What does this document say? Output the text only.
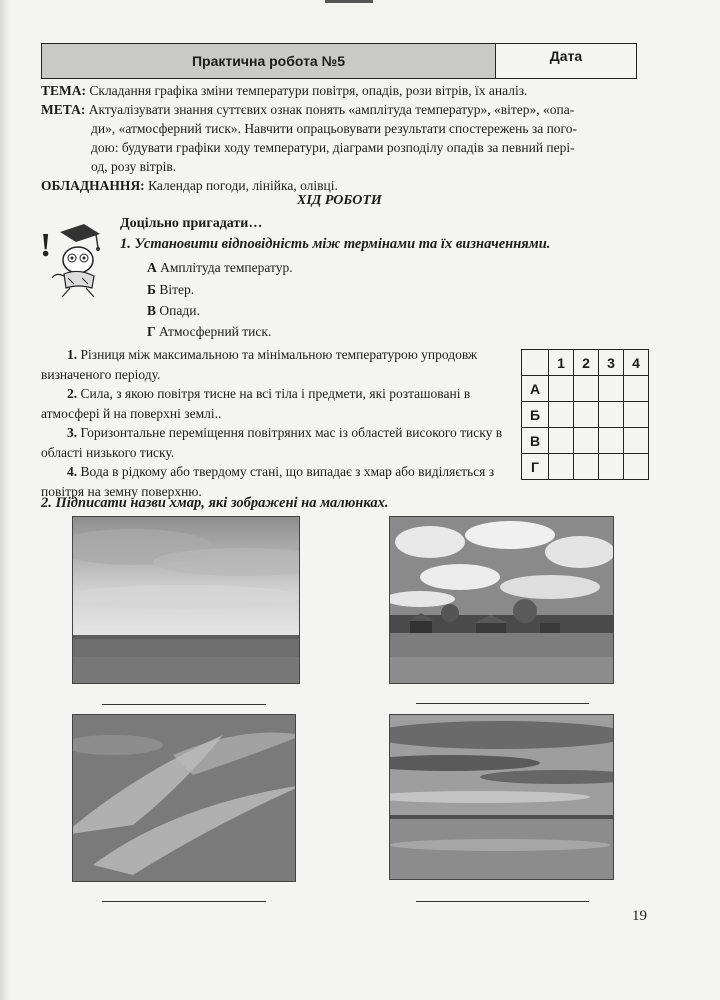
Практична робота №5	Дата
ТЕМА: Складання графіка зміни температури повітря, опадів, рози вітрів, їх аналіз.
МЕТА: Актуалізувати знання суттєвих ознак понять «амплітуда температур», «вітер», «опа-
ди», «атмосферний тиск». Навчити опрацьовувати результати спостережень за пого-
дою: будувати графіки ходу температури, діаграми розподілу опадів за певний пері-
од, розу вітрів.
ОБЛАДНАННЯ: Календар погоди, лінійка, олівці.
ХІД РОБОТИ
Доцільно пригадати…
!	1. Установити відповідність між термінами та їх визначеннями.
А Амплітуда температур.
Б Вітер.
В Опади.
Г Атмосферний тиск.

1. Різниця між максимальною та мінімальною температурою упродовж визначеного періоду.

2. Сила, з якою повітря тисне на всі тіла і предмети, які розташовані в атмосфері й на поверхні землі..

3. Горизонтальне переміщення повітряних мас із областей високого тиску в області низького тиску.

4. Вода в рідкому або твердому стані, що випадає з хмар або виділяється з повітря на земну поверхню.

	1	2	3	4
А				
Б				
В				
Г				
2. Підписати назви хмар, які зображені на малюнках.
19
